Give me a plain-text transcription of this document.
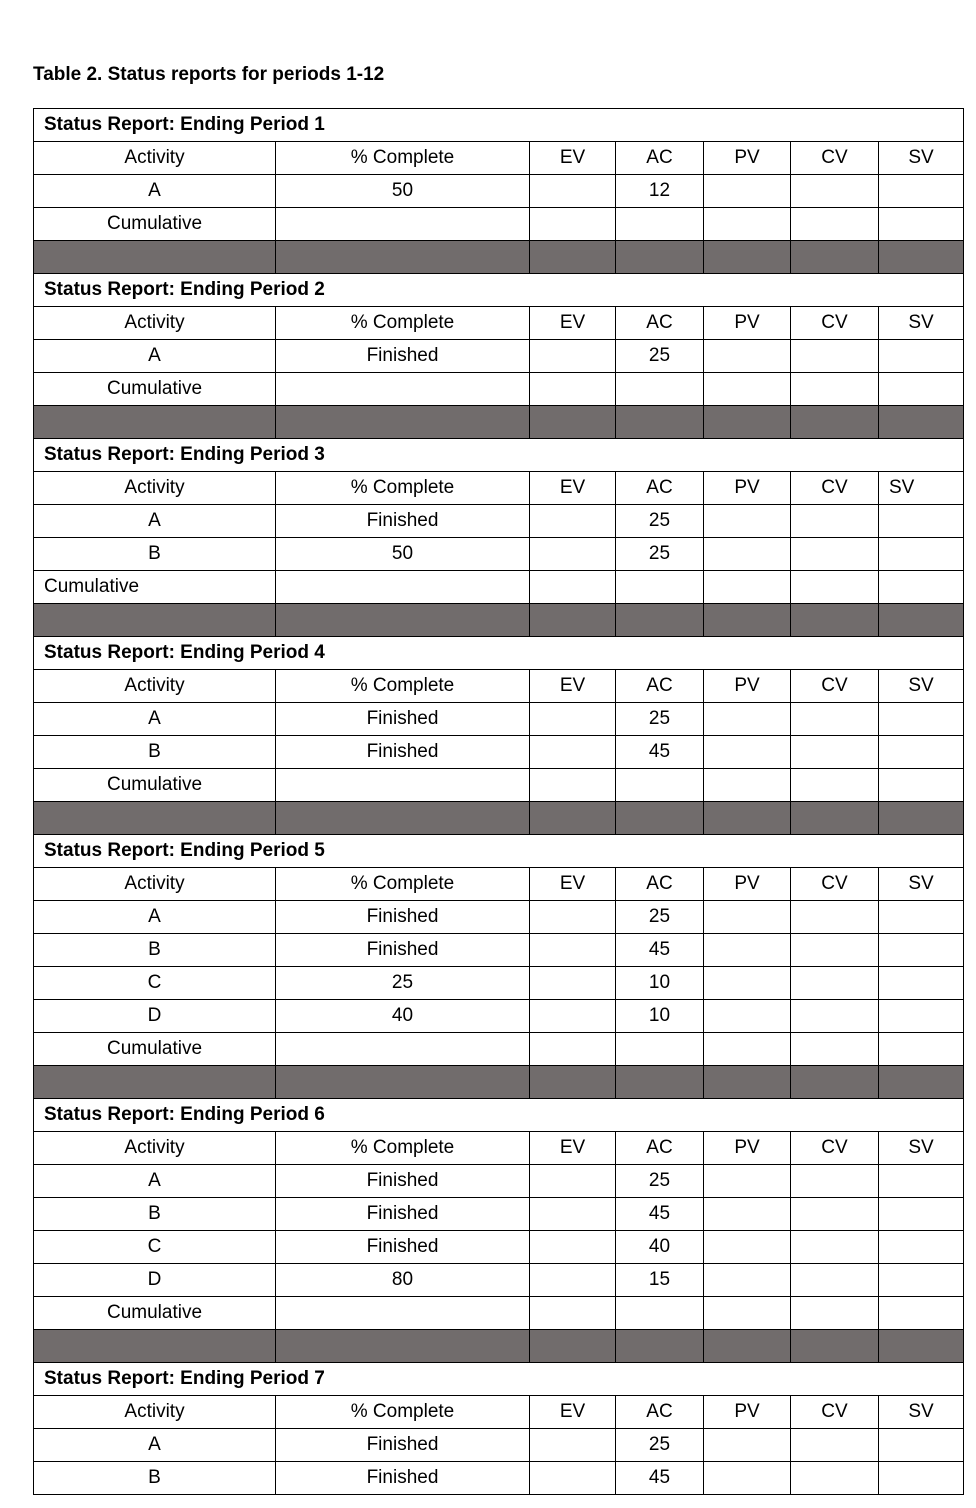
Table 2. Status reports for periods 1-12
Status Report: Ending Period 1						
Activity	% Complete	EV	AC	PV	CV	SV
A	50		12			
Cumulative						

Status Report: Ending Period 2						
Activity	% Complete	EV	AC	PV	CV	SV
A	Finished		25			
Cumulative						

Status Report: Ending Period 3						
Activity	% Complete	EV	AC	PV	CV	SV
A	Finished		25			
B	50		25			
Cumulative						

Status Report: Ending Period 4						
Activity	% Complete	EV	AC	PV	CV	SV
A	Finished		25			
B	Finished		45			
Cumulative						

Status Report: Ending Period 5						
Activity	% Complete	EV	AC	PV	CV	SV
A	Finished		25			
B	Finished		45			
C	25		10			
D	40		10			
Cumulative						

Status Report: Ending Period 6						
Activity	% Complete	EV	AC	PV	CV	SV
A	Finished		25			
B	Finished		45			
C	Finished		40			
D	80		15			
Cumulative						

Status Report: Ending Period 7						
Activity	% Complete	EV	AC	PV	CV	SV
A	Finished		25			
B	Finished		45			
